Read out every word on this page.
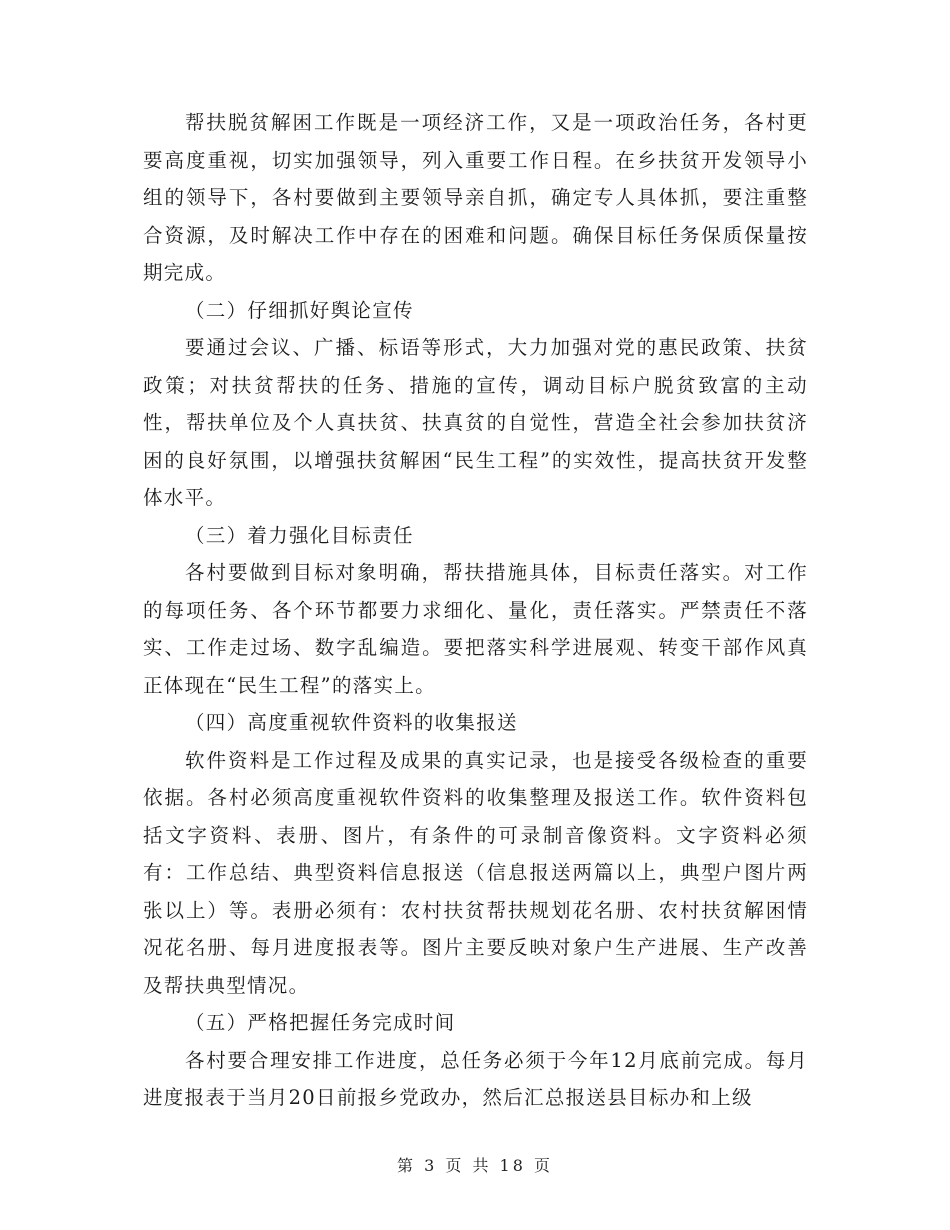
帮扶脱贫解困工作既是一项经济工作，又是一项政治任务，各村更要高度重视，切实加强领导，列入重要工作日程。在乡扶贫开发领导小组的领导下，各村要做到主要领导亲自抓，确定专人具体抓，要注重整合资源，及时解决工作中存在的困难和问题。确保目标任务保质保量按期完成。

（二）仔细抓好舆论宣传

要通过会议、广播、标语等形式，大力加强对党的惠民政策、扶贫政策；对扶贫帮扶的任务、措施的宣传，调动目标户脱贫致富的主动性，帮扶单位及个人真扶贫、扶真贫的自觉性，营造全社会参加扶贫济困的良好氛围，以增强扶贫解困“民生工程”的实效性，提高扶贫开发整体水平。

（三）着力强化目标责任

各村要做到目标对象明确，帮扶措施具体，目标责任落实。对工作的每项任务、各个环节都要力求细化、量化，责任落实。严禁责任不落实、工作走过场、数字乱编造。要把落实科学进展观、转变干部作风真正体现在“民生工程”的落实上。

（四）高度重视软件资料的收集报送

软件资料是工作过程及成果的真实记录，也是接受各级检查的重要依据。各村必须高度重视软件资料的收集整理及报送工作。软件资料包括文字资料、表册、图片，有条件的可录制音像资料。文字资料必须有：工作总结、典型资料信息报送（信息报送两篇以上，典型户图片两张以上）等。表册必须有：农村扶贫帮扶规划花名册、农村扶贫解困情况花名册、每月进度报表等。图片主要反映对象户生产进展、生产改善及帮扶典型情况。

（五）严格把握任务完成时间

各村要合理安排工作进度，总任务必须于今年12月底前完成。每月进度报表于当月20日前报乡党政办，然后汇总报送县目标办和上级

第 3 页 共 18 页
